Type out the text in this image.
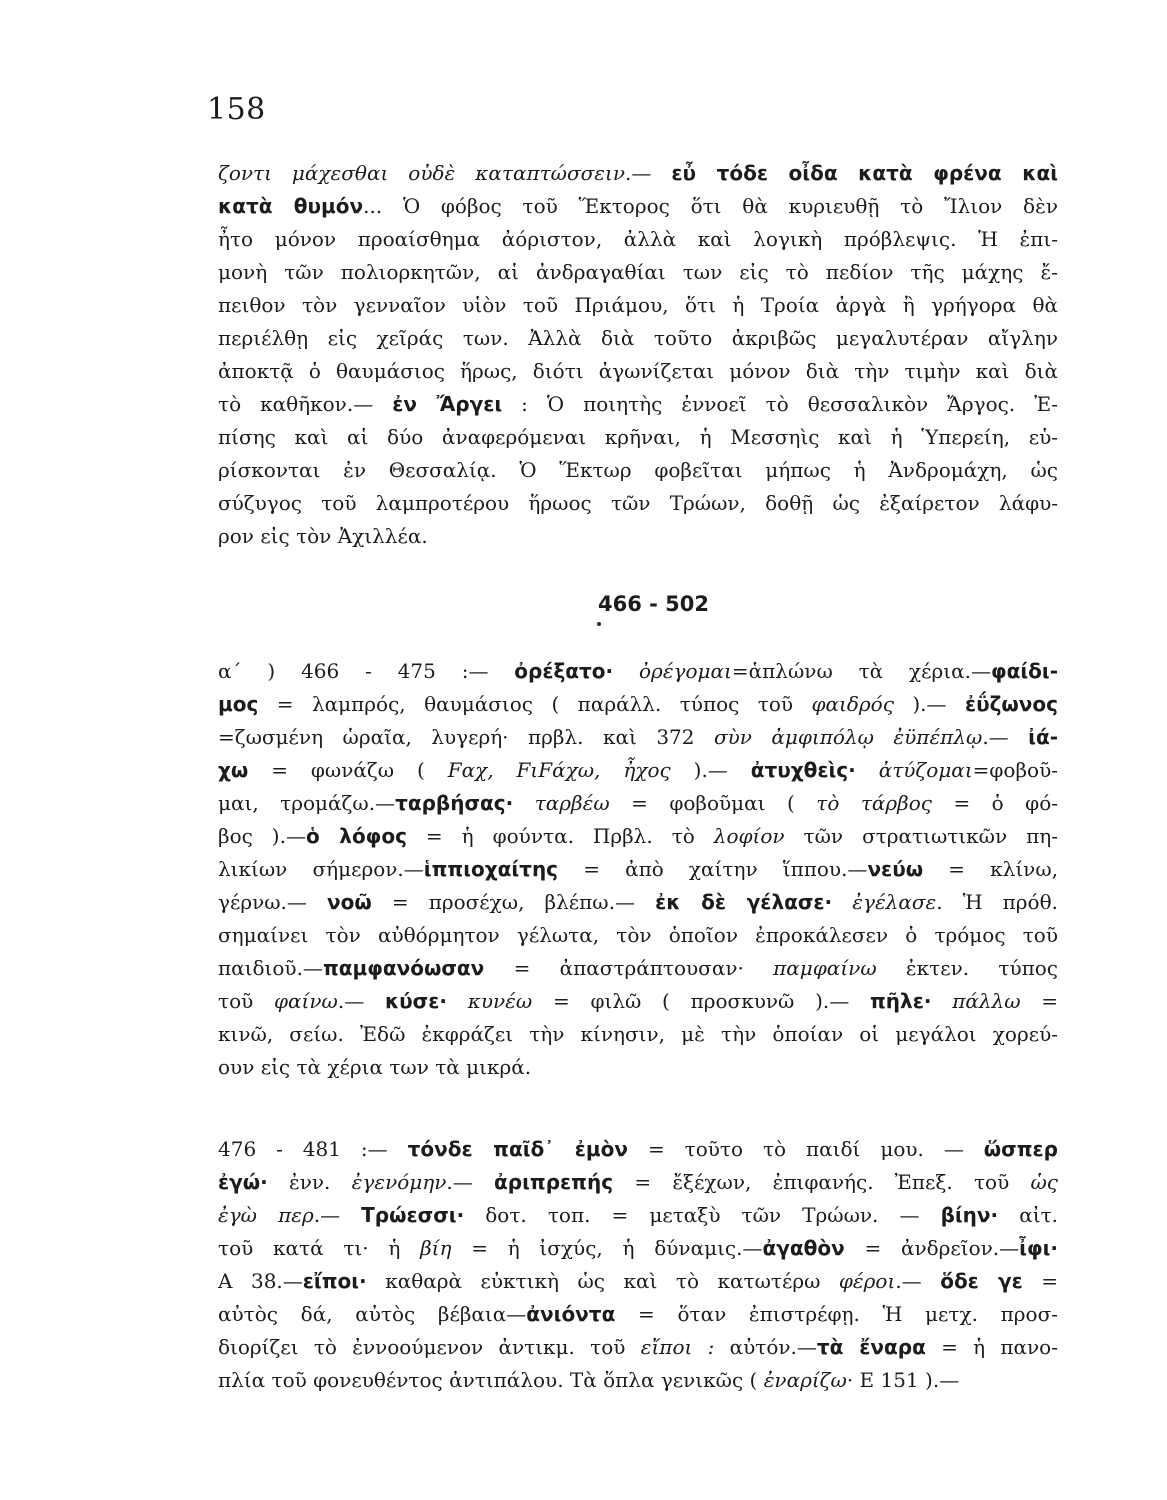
158
ζοντι μάχεσθαι οὐδὲ καταπτώσσειν.— εὖ τόδε οἶδα κατὰ φρένα καὶ
κατὰ θυμόν... Ὁ φόβος τοῦ Ἕκτορος ὅτι θὰ κυριευθῇ τὸ Ἴλιον δὲν
ἦτο μόνον προαίσθημα ἀόριστον, ἀλλὰ καὶ λογικὴ πρόβλεψις. Ἡ ἐπι-
μονὴ τῶν πολιορκητῶν, αἱ ἀνδραγαθίαι των εἰς τὸ πεδίον τῆς μάχης ἔ-
πειθον τὸν γενναῖον υἱὸν τοῦ Πριάμου, ὅτι ἡ Τροία ἀργὰ ἢ γρήγορα θὰ
περιέλθῃ εἰς χεῖράς των. Ἀλλὰ διὰ τοῦτο ἀκριβῶς μεγαλυτέραν αἴγλην
ἀποκτᾷ ὁ θαυμάσιος ἥρως, διότι ἀγωνίζεται μόνον διὰ τὴν τιμὴν καὶ διὰ
τὸ καθῆκον.— ἐν Ἄργει : Ὁ ποιητὴς ἐννοεῖ τὸ θεσσαλικὸν Ἄργος. Ἐ-
πίσης καὶ αἱ δύο ἀναφερόμεναι κρῆναι, ἡ Μεσσηὶς καὶ ἡ Ὑπερείη, εὑ-
ρίσκονται ἐν Θεσσαλίᾳ. Ὁ Ἕκτωρ φοβεῖται μήπως ἡ Ἀνδρομάχη, ὡς
σύζυγος τοῦ λαμπροτέρου ἥρωος τῶν Τρώων, δοθῇ ὡς ἐξαίρετον λάφυ-
ρον εἰς τὸν Ἀχιλλέα.
466 - 502
α΄ ) 466 - 475 :— ὀρέξατο· ὀρέγομαι=ἁπλώνω τὰ χέρια.—φαίδι-
μος = λαμπρός, θαυμάσιος ( παράλλ. τύπος τοῦ φαιδρός ).— ἐΰζωνος
=ζωσμένη ὡραῖα, λυγερή· πρβλ. καὶ 372 σὺν ἀμφιπόλῳ ἐϋπέπλῳ.— ἰά-
χω = φωνάζω ( Fαχ, FιFάχω, ἦχος ).— ἀτυχθεὶς· ἀτύζομαι=φοβοῦ-
μαι, τρομάζω.—ταρβήσας· ταρβέω = φοβοῦμαι ( τὸ τάρβος = ὁ φό-
βος ).—ὁ λόφος = ἡ φούντα. Πρβλ. τὸ λοφίον τῶν στρατιωτικῶν πη-
λικίων σήμερον.—ἱππιοχαίτης = ἀπὸ χαίτην ἵππου.—νεύω = κλίνω,
γέρνω.— νοῶ = προσέχω, βλέπω.— ἐκ δὲ γέλασε· ἐγέλασε. Ἡ πρόθ.
σημαίνει τὸν αὐθόρμητον γέλωτα, τὸν ὁποῖον ἐπροκάλεσεν ὁ τρόμος τοῦ
παιδιοῦ.—παμφανόωσαν = ἀπαστράπτουσαν· παμφαίνω ἐκτεν. τύπος
τοῦ φαίνω.— κύσε· κυνέω = φιλῶ ( προσκυνῶ ).— πῆλε· πάλλω =
κινῶ, σείω. Ἐδῶ ἐκφράζει τὴν κίνησιν, μὲ τὴν ὁποίαν οἱ μεγάλοι χορεύ-
ουν εἰς τὰ χέρια των τὰ μικρά.
476 - 481 :— τόνδε παῖδ᾽ ἐμὸν = τοῦτο τὸ παιδί μου. — ὥσπερ
ἐγώ· ἐνν. ἐγενόμην.— ἀριπρεπής = ἔξέχων, ἐπιφανής. Ἐπεξ. τοῦ ὡς
ἐγὼ περ.— Τρώεσσι· δοτ. τοπ. = μεταξὺ τῶν Τρώων. — βίην· αἰτ.
τοῦ κατά τι· ἡ βίη = ἡ ἰσχύς, ἡ δύναμις.—ἀγαθὸν = ἀνδρεῖον.—ἶφι·
Α 38.—εἴποι· καθαρὰ εὐκτικὴ ὡς καὶ τὸ κατωτέρω φέροι.— ὅδε γε =
αὐτὸς δά, αὐτὸς βέβαια—ἀνιόντα = ὅταν ἐπιστρέφῃ. Ἡ μετχ. προσ-
διορίζει τὸ ἐννοούμενον ἀντικμ. τοῦ εἴποι : αὐτόν.—τὰ ἔναρα = ἡ πανο-
πλία τοῦ φονευθέντος ἀντιπάλου. Τὰ ὅπλα γενικῶς ( ἐναρίζω· Ε 151 ).—
